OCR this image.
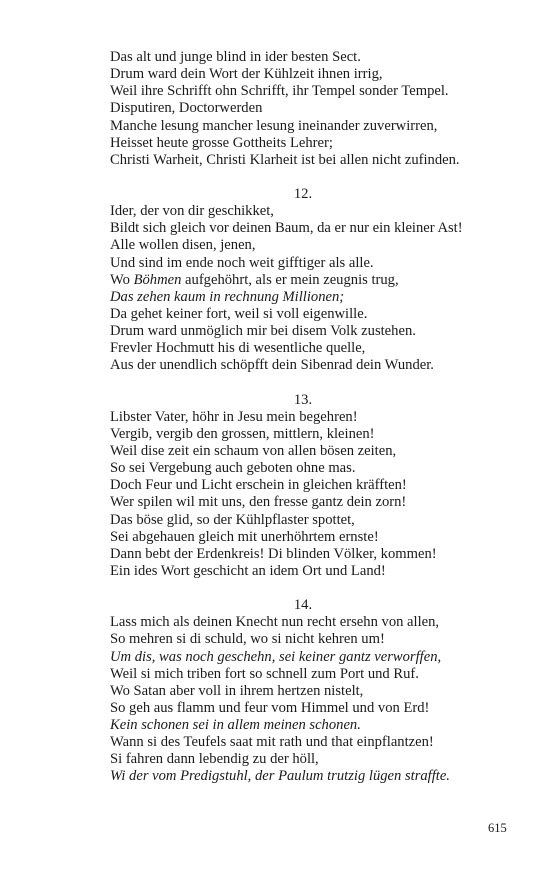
Das alt und junge blind in ider besten Sect.
Drum ward dein Wort der Kühlzeit ihnen irrig,
Weil ihre Schrifft ohn Schrifft, ihr Tempel sonder Tempel.
Disputiren, Doctorwerden
Manche lesung mancher lesung ineinander zuverwirren,
Heisset heute grosse Gottheits Lehrer;
Christi Warheit, Christi Klarheit ist bei allen nicht zufinden.
12.
Ider, der von dir geschikket,
Bildt sich gleich vor deinen Baum, da er nur ein kleiner Ast!
Alle wollen disen, jenen,
Und sind im ende noch weit gifftiger als alle.
Wo Böhmen aufgehöhrt, als er mein zeugnis trug,
Das zehen kaum in rechnung Millionen;
Da gehet keiner fort, weil si voll eigenwille.
Drum ward unmöglich mir bei disem Volk zustehen.
Frevler Hochmutt his di wesentliche quelle,
Aus der unendlich schöpfft dein Sibenrad dein Wunder.
13.
Libster Vater, höhr in Jesu mein begehren!
Vergib, vergib den grossen, mittlern, kleinen!
Weil dise zeit ein schaum von allen bösen zeiten,
So sei Vergebung auch geboten ohne mas.
Doch Feur und Licht erschein in gleichen kräfften!
Wer spilen wil mit uns, den fresse gantz dein zorn!
Das böse glid, so der Kühlpflaster spottet,
Sei abgehauen gleich mit unerhöhrtem ernste!
Dann bebt der Erdenkreis! Di blinden Völker, kommen!
Ein ides Wort geschicht an idem Ort und Land!
14.
Lass mich als deinen Knecht nun recht ersehn von allen,
So mehren si di schuld, wo si nicht kehren um!
Um dis, was noch geschehn, sei keiner gantz verworffen,
Weil si mich triben fort so schnell zum Port und Ruf.
Wo Satan aber voll in ihrem hertzen nistelt,
So geh aus flamm und feur vom Himmel und von Erd!
Kein schonen sei in allem meinen schonen.
Wann si des Teufels saat mit rath und that einpflantzen!
Si fahren dann lebendig zu der höll,
Wi der vom Predigstuhl, der Paulum trutzig lügen straffte.
615
